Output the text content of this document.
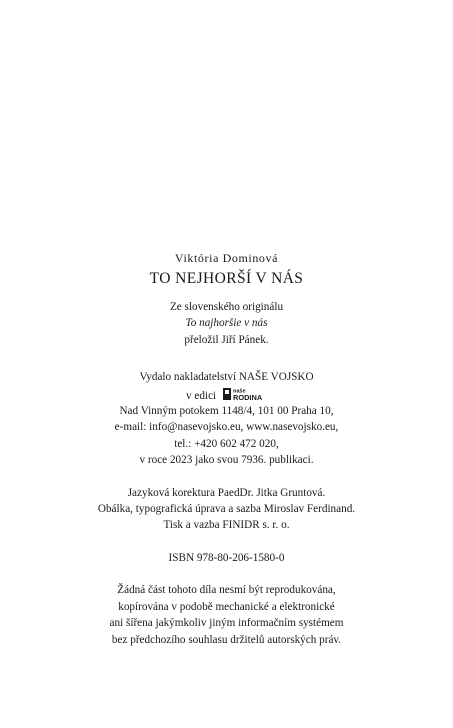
Viktória Dominová
TO NEJHORŠÍ V NÁS
Ze slovenského originálu
To najhoršie v nás
přeložil Jiří Pánek.
Vydalo nakladatelství NAŠE VOJSKO
v edici	naše
RODINA
Nad Vinným potokem 1148/4, 101 00 Praha 10,
e-mail: info@nasevojsko.eu, www.nasevojsko.eu,
tel.: +420 602 472 020,
v roce 2023 jako svou 7936. publikaci.
Jazyková korektura PaedDr. Jitka Gruntová.
Obálka, typografická úprava a sazba Miroslav Ferdinand.
Tisk a vazba FINIDR s. r. o.
ISBN 978-80-206-1580-0
Žádná část tohoto díla nesmí být reprodukována,
kopírována v podobě mechanické a elektronické
ani šířena jakýmkoliv jiným informačním systémem
bez předchozího souhlasu držitelů autorských práv.
